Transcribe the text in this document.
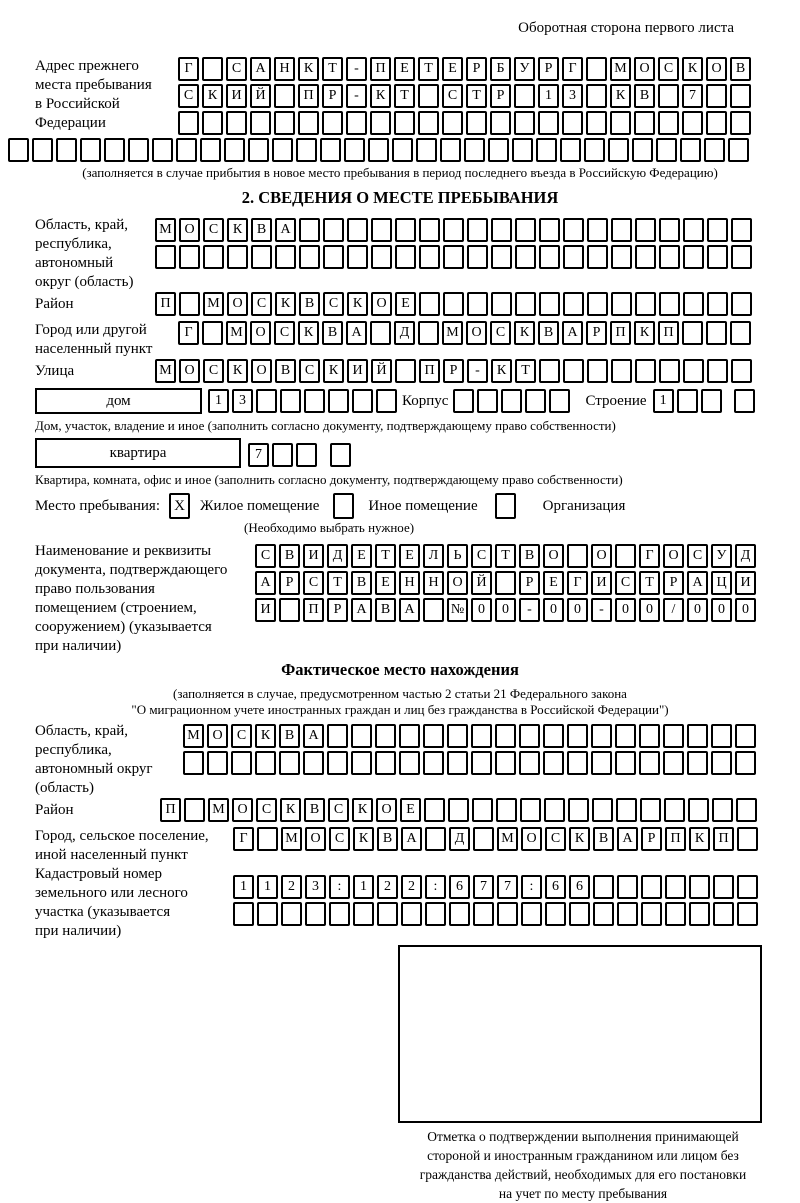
Оборотная сторона первого листа
Адрес прежнего
места пребывания
в Российской
Федерации
Г	С	А Н	К	Т	-	П	Е	Т	Е	Р	Б	У	Р	Г	М О	С	К	О	В
С	К	И Й	П	Р	-	К	Т	С	Т	Р	1	3	К	В	7
(заполняется в случае прибытия в новое место пребывания в период последнего въезда в Российскую Федерацию)
2. СВЕДЕНИЯ О МЕСТЕ ПРЕБЫВАНИЯ
Область, край,
республика,
автономный
округ (область)
М О	С	К	В	А
Район	П	М О	С	К	В	С	К	О	Е
Город или другой
населенный пункт
Г	М О	С	К	В	А	Д	М О	С	К	В	А	Р	П	К	П
Улица	М О	С	К	О	В	С	К	И Й	П	Р	-	К	Т
дом	1	3	Корпус	Строение 1
Дом, участок, владение и иное (заполнить согласно документу, подтверждающему право собственности)
квартира	7
Квартира, комната, офис и иное (заполнить согласно документу, подтверждающему право собственности)
Место пребывания: X	Жилое помещение	Иное помещение	Организация
(Необходимо выбрать нужное)
Наименование и реквизиты
документа, подтверждающего
право пользования
помещением (строением,
сооружением) (указывается
при наличии)
С	В	И	Д	Е	Т	Е	Л	Ь	С	Т	В	О	О	Г	О	С	У	Д
А	Р	С	Т	В	Е	Н Н О Й	Р	Е	Г	И	С	Т	Р	А Ц И
И	П	Р	А	В	А	№ 0	0	-	0	0	-	0	0	/	0	0	0
Фактическое место нахождения
(заполняется в случае, предусмотренном частью 2 статьи 21 Федерального закона
"О миграционном учете иностранных граждан и лиц без гражданства в Российской Федерации")
Область, край,
республика,
автономный округ
(область)
М О	С	К	В	А
Район	П	М О	С	К	В	С	К	О	Е
Город, сельское поселение,
иной населенный пункт
Г	М О	С	К	В	А	Д	М О	С	К	В	А	Р	П	К	П
Кадастровый номер
земельного или лесного
участка (указывается
при наличии)
1	1	2	3	:	1	2	2	:	6	7	7	:	6	6
Отметка о подтверждении выполнения принимающей
стороной и иностранным гражданином или лицом без
гражданства действий, необходимых для его постановки
на учет по месту пребывания
